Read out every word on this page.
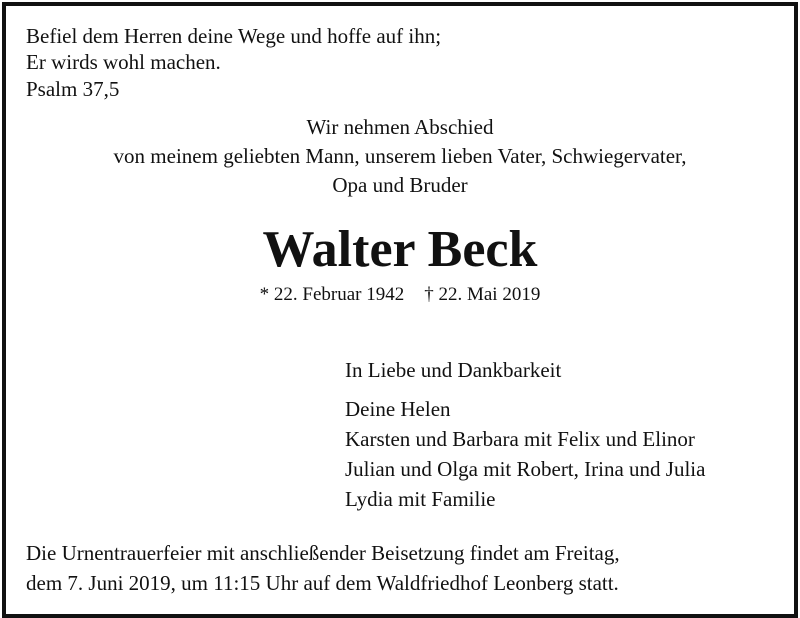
Befiel dem Herren deine Wege und hoffe auf ihn;

Er wirds wohl machen.

Psalm 37,5

Wir nehmen Abschied

von meinem geliebten Mann, unserem lieben Vater, Schwiegervater,

Opa und Bruder

Walter Beck
* 22. Februar 1942 † 22. Mai 2019

In Liebe und Dankbarkeit

Deine Helen

Karsten und Barbara mit Felix und Elinor

Julian und Olga mit Robert, Irina und Julia

Lydia mit Familie

Die Urnentrauerfeier mit anschließender Beisetzung findet am Freitag,

dem 7. Juni 2019, um 11:15 Uhr auf dem Waldfriedhof Leonberg statt.
